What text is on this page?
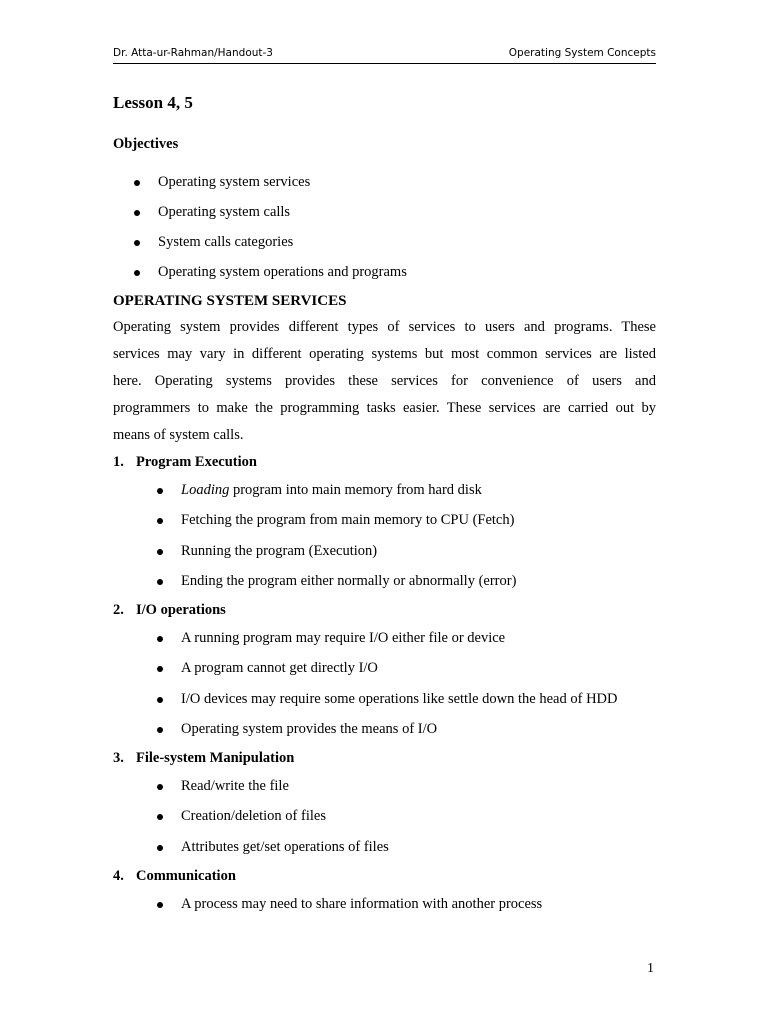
Dr. Atta-ur-Rahman/Handout-3	Operating System Concepts
Lesson 4, 5
Objectives
Operating system services
Operating system calls
System calls categories
Operating system operations and programs
OPERATING SYSTEM SERVICES
Operating system provides different types of services to users and programs. These
services may vary in different operating systems but most common services are listed
here. Operating systems provides these services for convenience of users and
programmers to make the programming tasks easier. These services are carried out by
means of system calls.
1. Program Execution
Loading program into main memory from hard disk
Fetching the program from main memory to CPU (Fetch)
Running the program (Execution)
Ending the program either normally or abnormally (error)
2. I/O operations
A running program may require I/O either file or device
A program cannot get directly I/O
I/O devices may require some operations like settle down the head of HDD
Operating system provides the means of I/O
3. File-system Manipulation
Read/write the file
Creation/deletion of files
Attributes get/set operations of files
4. Communication
A process may need to share information with another process
1
